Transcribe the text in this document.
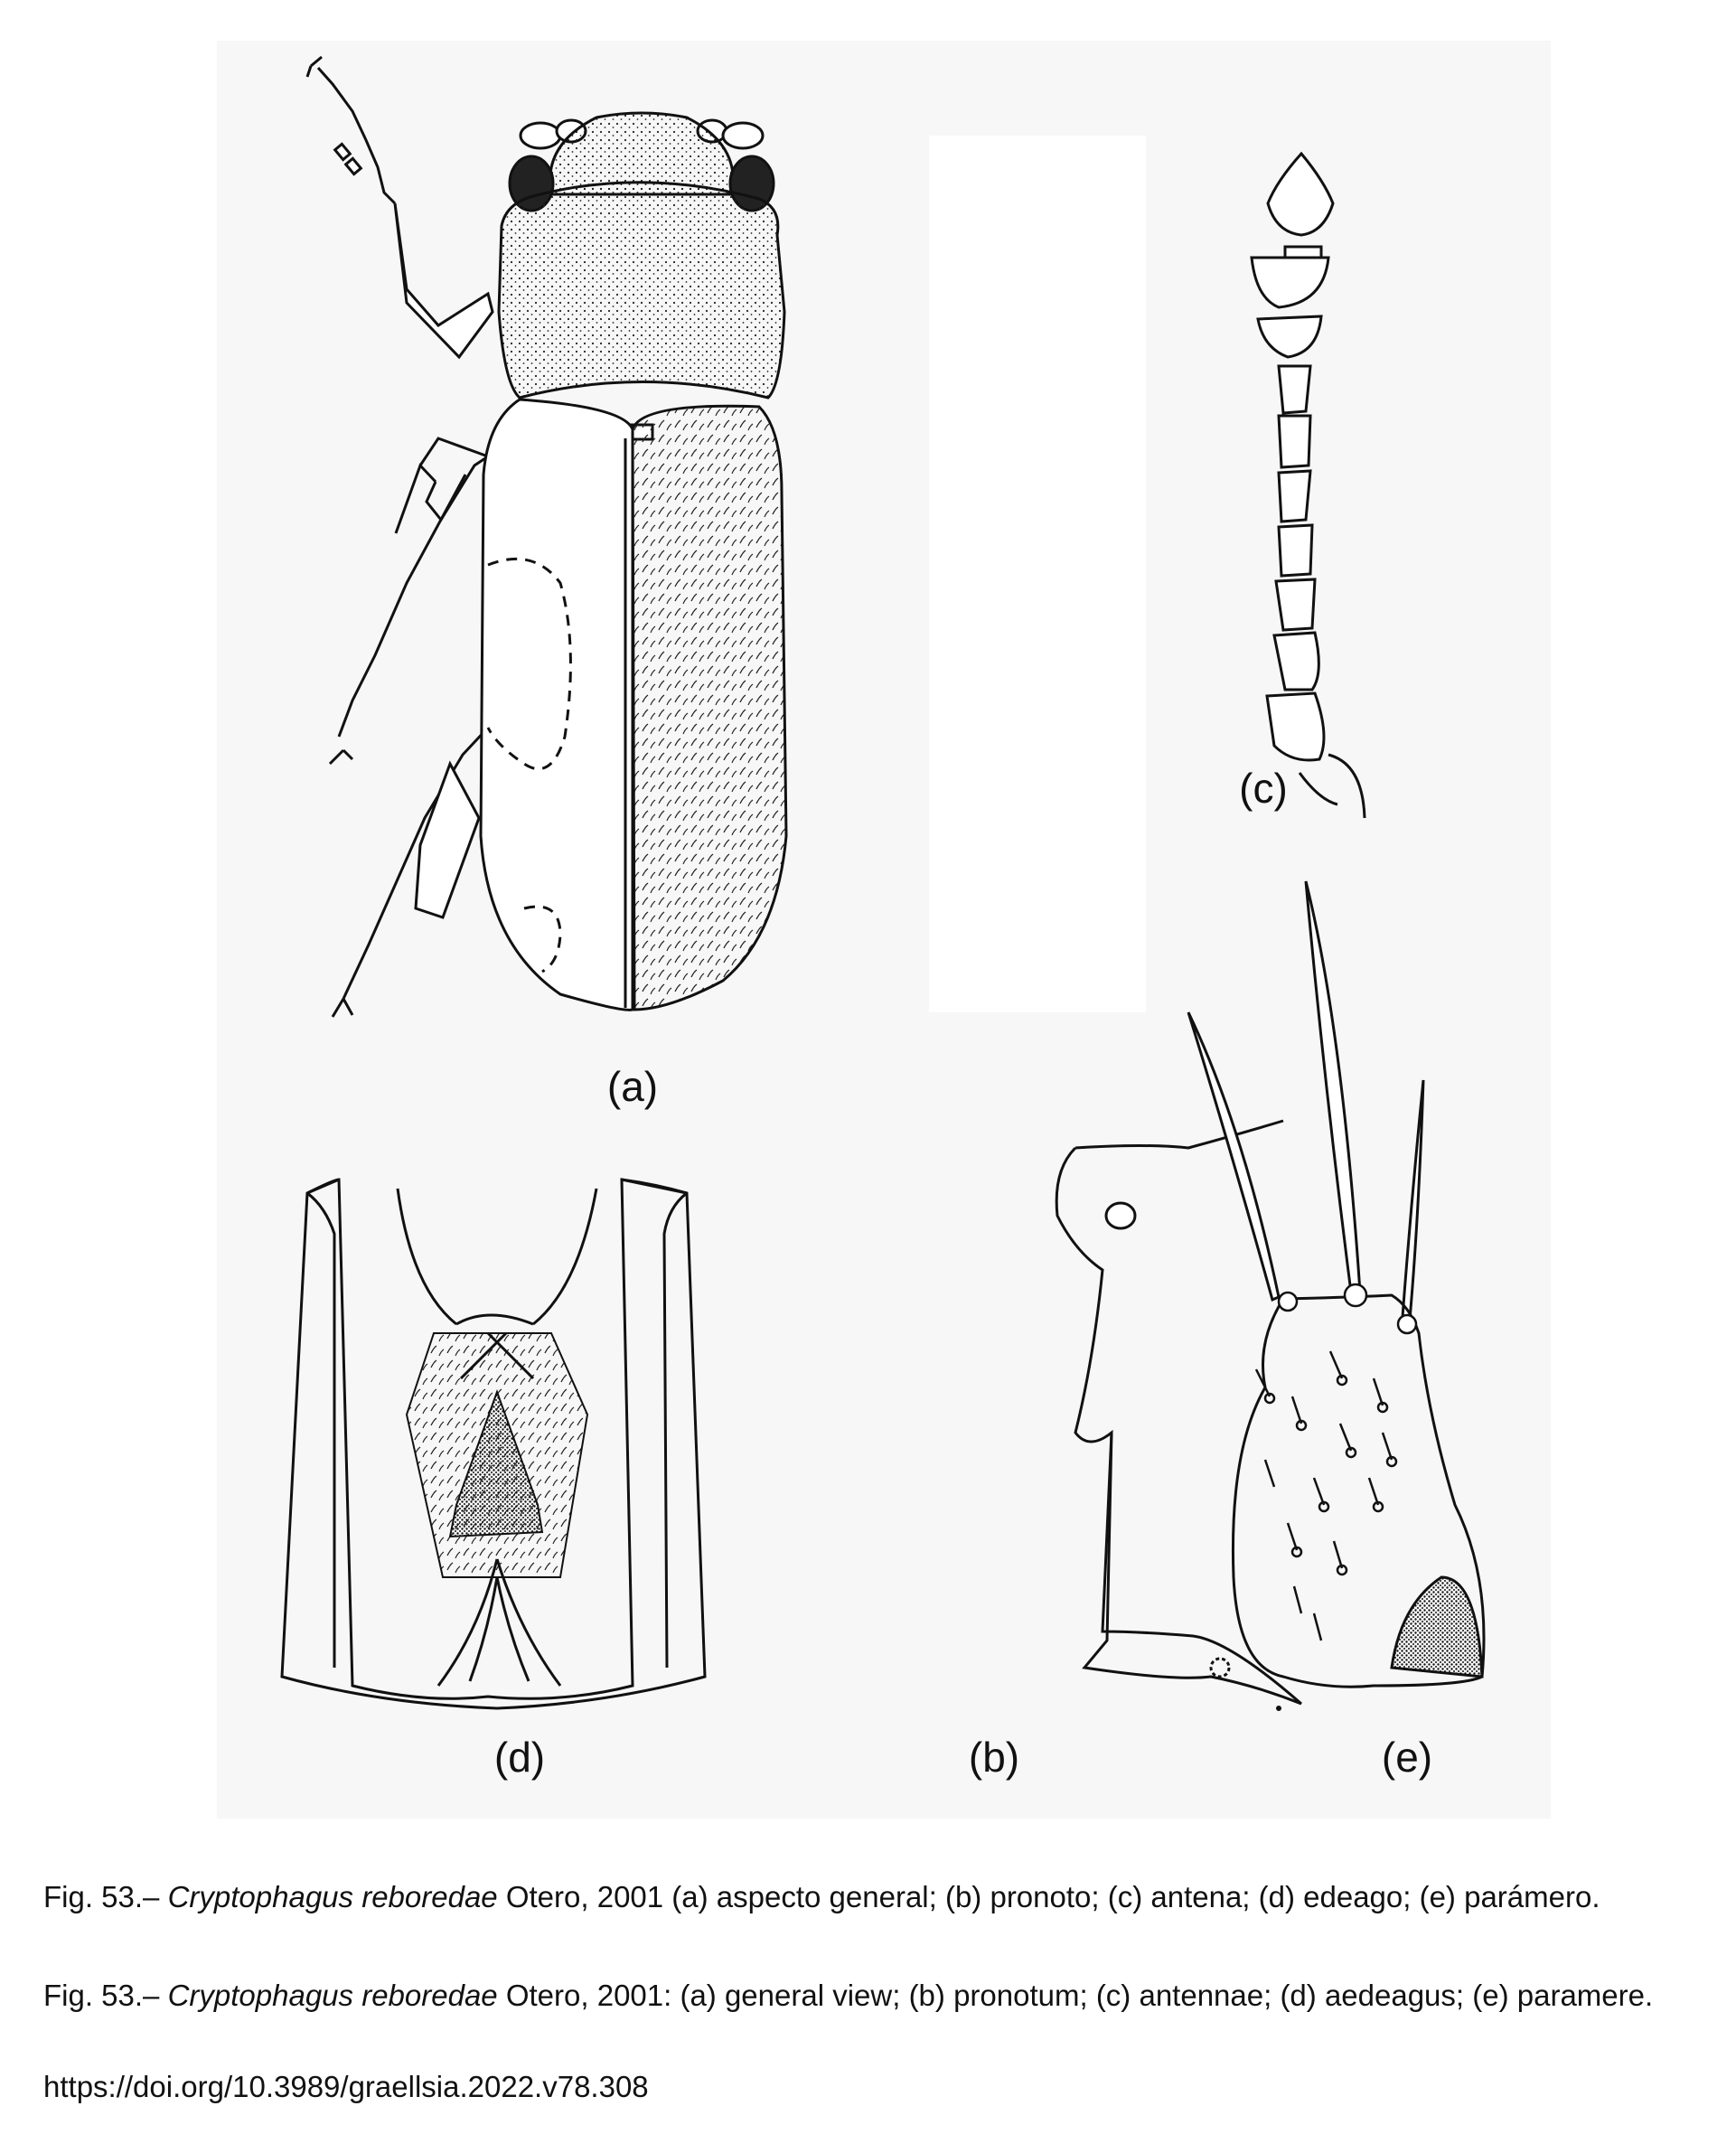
(a)
(b)
(c)
(d)	(e)
Fig. 53.– Cryptophagus reboredae Otero, 2001 (a) aspecto general; (b) pronoto; (c) antena; (d) edeago; (e) parámero.
Fig. 53.– Cryptophagus reboredae Otero, 2001: (a) general view; (b) pronotum; (c) antennae; (d) aedeagus; (e) paramere.
https://doi.org/10.3989/graellsia.2022.v78.308
